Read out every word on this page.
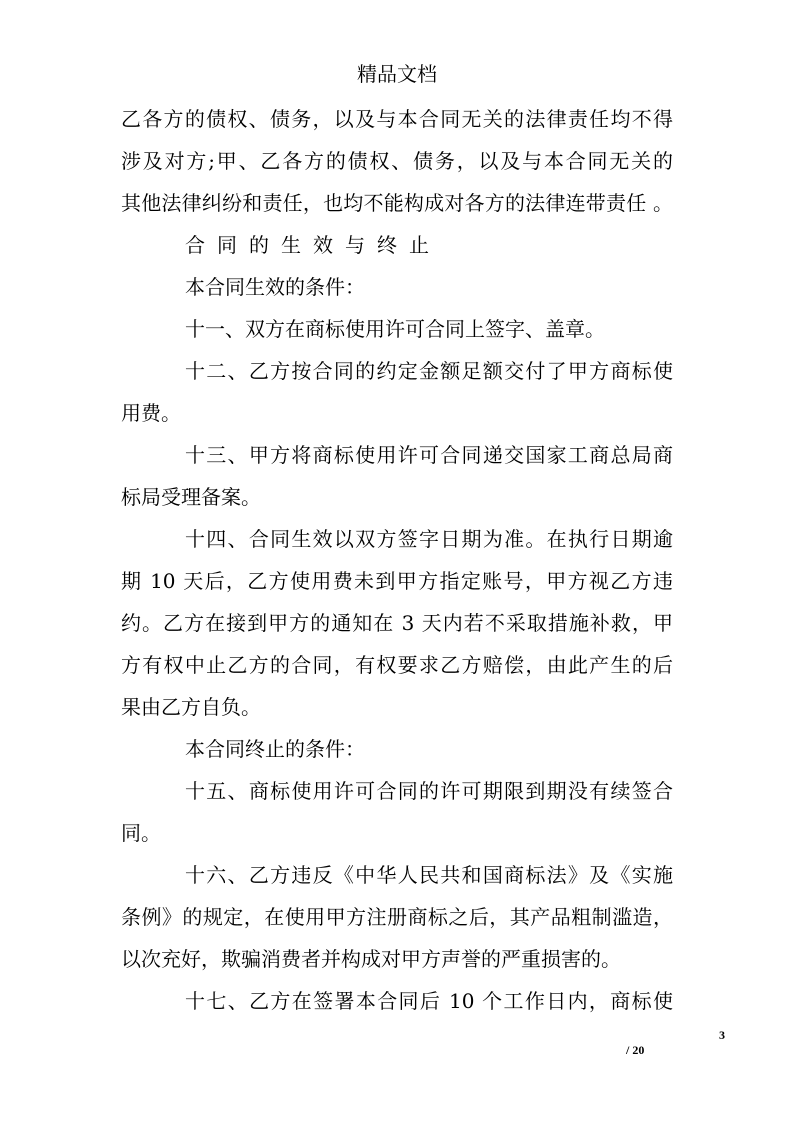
精品文档
乙各方的债权、债务，以及与本合同无关的法律责任均不得
涉及对方;甲、乙各方的债权、债务，以及与本合同无关的
其他法律纠纷和责任，也均不能构成对各方的法律连带责任 。
合同的生效与终止
本合同生效的条件：
十一、双方在商标使用许可合同上签字、盖章。
十二、乙方按合同的约定金额足额交付了甲方商标使
用费。
十三、甲方将商标使用许可合同递交国家工商总局商
标局受理备案。
十四、合同生效以双方签字日期为准。在执行日期逾
期 10 天后，乙方使用费未到甲方指定账号，甲方视乙方违
约。乙方在接到甲方的通知在 3 天内若不采取措施补救，甲
方有权中止乙方的合同，有权要求乙方赔偿，由此产生的后
果由乙方自负。
本合同终止的条件：
十五、商标使用许可合同的许可期限到期没有续签合
同。
十六、乙方违反《中华人民共和国商标法》及《实施
条例》的规定，在使用甲方注册商标之后，其产品粗制滥造，
以次充好，欺骗消费者并构成对甲方声誉的严重损害的。
十七、乙方在签署本合同后 10 个工作日内，商标使
3
/ 20
